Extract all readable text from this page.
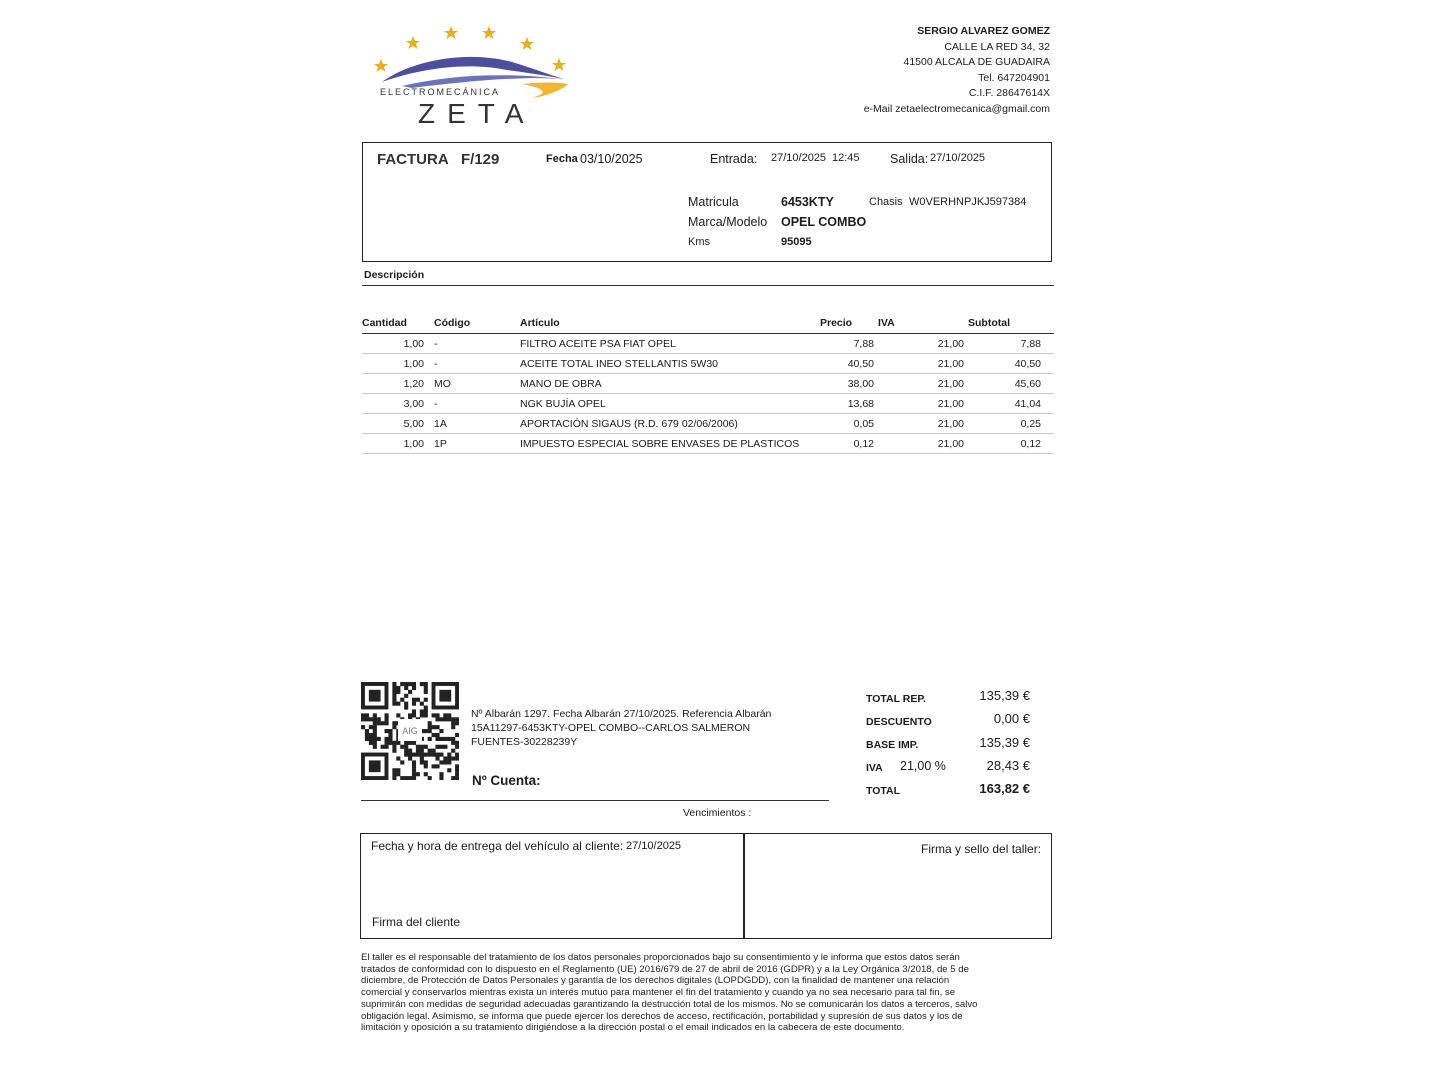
ELECTROMECÁNICA
ZETA
SERGIO ALVAREZ GOMEZ
CALLE LA RED 34, 32
41500 ALCALA DE GUADAIRA
Tel. 647204901
C.I.F. 28647614X
e-Mail zetaelectromecanica@gmail.com
FACTURA F/129	Fecha 03/10/2025	Entrada: 27/10/2025 12:45 Salida: 27/10/2025
Matricula	6453KTY	Chasis W0VERHNPJKJ597384
Marca/Modelo OPEL COMBO
Kms	95095
Descripción
Cantidad	Código	Artículo	Precio	IVA	Subtotal
1,00	-	FILTRO ACEITE PSA FIAT OPEL	7,88	21,00	7,88
1,00	-	ACEITE TOTAL INEO STELLANTIS 5W30	40,50	21,00	40,50
1,20	MO	MANO DE OBRA	38,00	21,00	45,60
3,00	-	NGK BUJÍA OPEL	13,68	21,00	41,04
5,00	1A	APORTACIÓN SIGAUS (R.D. 679 02/06/2006)	0,05	21,00	0,25
1,00	1P	IMPUESTO ESPECIAL SOBRE ENVASES DE PLASTICOS	0,12	21,00	0,12
AIG
Nº Albarán 1297. Fecha Albarán 27/10/2025. Referencia Albarán 15A11297-6453KTY-OPEL COMBO--CARLOS SALMERON FUENTES-30228239Y
Nº Cuenta:
Vencimientos :
TOTAL REP.	135,39 €
DESCUENTO	0,00 €
BASE IMP.	135,39 €
IVA 21,00 %	28,43 €
TOTAL	163,82 €
Fecha y hora de entrega del vehículo al cliente: 27/10/2025
Firma del cliente
Firma y sello del taller:
El taller es el responsable del tratamiento de los datos personales proporcionados bajo su consentimiento y le informa que estos datos serán
tratados de conformidad con lo dispuesto en el Reglamento (UE) 2016/679 de 27 de abril de 2016 (GDPR) y a la Ley Orgánica 3/2018, de 5 de
diciembre, de Protección de Datos Personales y garantía de los derechos digitales (LOPDGDD), con la finalidad de mantener una relación
comercial y conservarlos mientras exista un interés mutuo para mantener el fin del tratamiento y cuando ya no sea necesario para tal fin, se
suprimirán con medidas de seguridad adecuadas garantizando la destrucción total de los mismos. No se comunicarán los datos a terceros, salvo
obligación legal. Asimismo, se informa que puede ejercer los derechos de acceso, rectificación, portabilidad y supresión de sus datos y los de
limitación y oposición a su tratamiento dirigiéndose a la dirección postal o el email indicados en la cabecera de este documento.
